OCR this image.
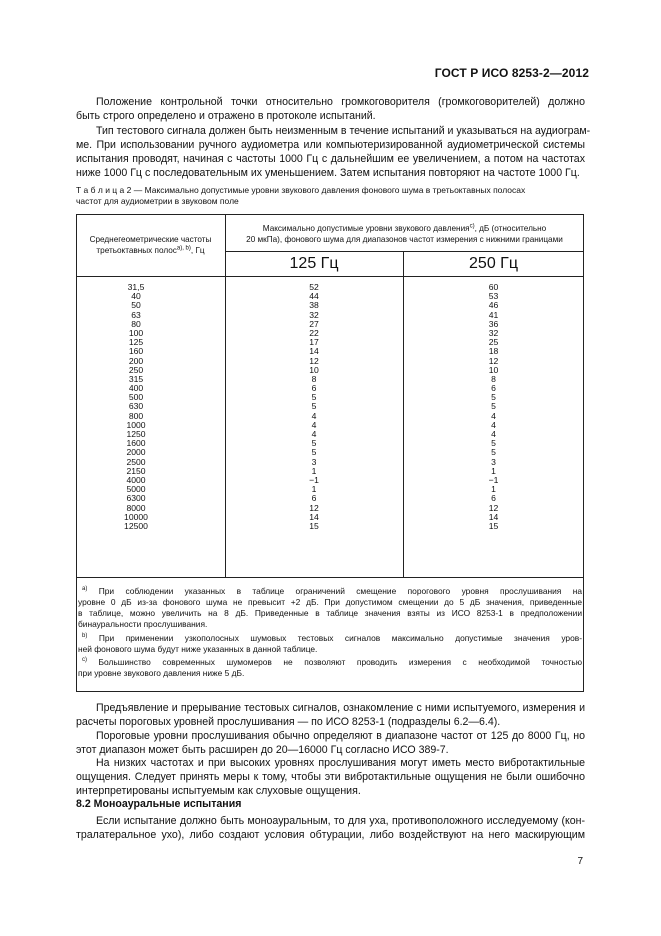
ГОСТ Р ИСО 8253-2—2012
Положение контрольной точки относительно громкоговорителя (громкоговорителей) должно
быть строго определено и отражено в протоколе испытаний.
Тип тестового сигнала должен быть неизменным в течение испытаний и указываться на аудиограм-
ме. При использовании ручного аудиометра или компьютеризированной аудиометрической системы
испытания проводят, начиная с частоты 1000 Гц с дальнейшим ее увеличением, а потом на частотах
ниже 1000 Гц с последовательным их уменьшением. Затем испытания повторяют на частоте 1000 Гц.
Т а б л и ц а 2 — Максимально допустимые уровни звукового давления фонового шума в третьоктавных полосах
частот для аудиометрии в звуковом поле
Среднегеометрические частоты
третьоктавных полос$^{а), b)}$, Гц
Максимально допустимые уровни звукового давления$^{c)}$, дБ (относительно
20 мкПа), фонового шума для диапазонов частот измерения с нижними границами
125 Гц	250 Гц
31,5
40
50
63
80
100
125
160
200
250
315
400
500
630
800
1000
1250
1600
2000
2500
2150
4000
5000
6300
8000
10000
12500
52
44
38
32
27
22
17
14
12
10
8
6
5
5
4
4
4
5
5
3
1
−1
1
6
12
14
15
60
53
46
41
36
32
25
18
12
10
8
6
5
5
4
4
4
5
5
3
1
−1
1
6
12
14
15
$^{а)}$ При соблюдении указанных в таблице ограничений смещение порогового уровня прослушивания на
уровне 0 дБ из-за фонового шума не превысит +2 дБ. При допустимом смещении до 5 дБ значения, приведенные
в таблице, можно увеличить на 8 дБ. Приведенные в таблице значения взяты из ИСО 8253-1 в предположении
бинауральности прослушивания.
$^{b)}$ При применении узкополосных шумовых тестовых сигналов максимально допустимые значения уров-
ней фонового шума будут ниже указанных в данной таблице.
$^{c)}$ Большинство современных шумомеров не позволяют проводить измерения с необходимой точностью
при уровне звукового давления ниже 5 дБ.
Предъявление и прерывание тестовых сигналов, ознакомление с ними испытуемого, измерения и
расчеты пороговых уровней прослушивания — по ИСО 8253-1 (подразделы 6.2—6.4).
Пороговые уровни прослушивания обычно определяют в диапазоне частот от 125 до 8000 Гц, но
этот диапазон может быть расширен до 20—16000 Гц согласно ИСО 389-7.
На низких частотах и при высоких уровнях прослушивания могут иметь место вибротактильные
ощущения. Следует принять меры к тому, чтобы эти вибротактильные ощущения не были ошибочно
интерпретированы испытуемым как слуховые ощущения.
8.2 Моноауральные испытания
Если испытание должно быть моноауральным, то для уха, противоположного исследуемому (кон-
тралатеральное ухо), либо создают условия обтурации, либо воздействуют на него маскирующим
7
